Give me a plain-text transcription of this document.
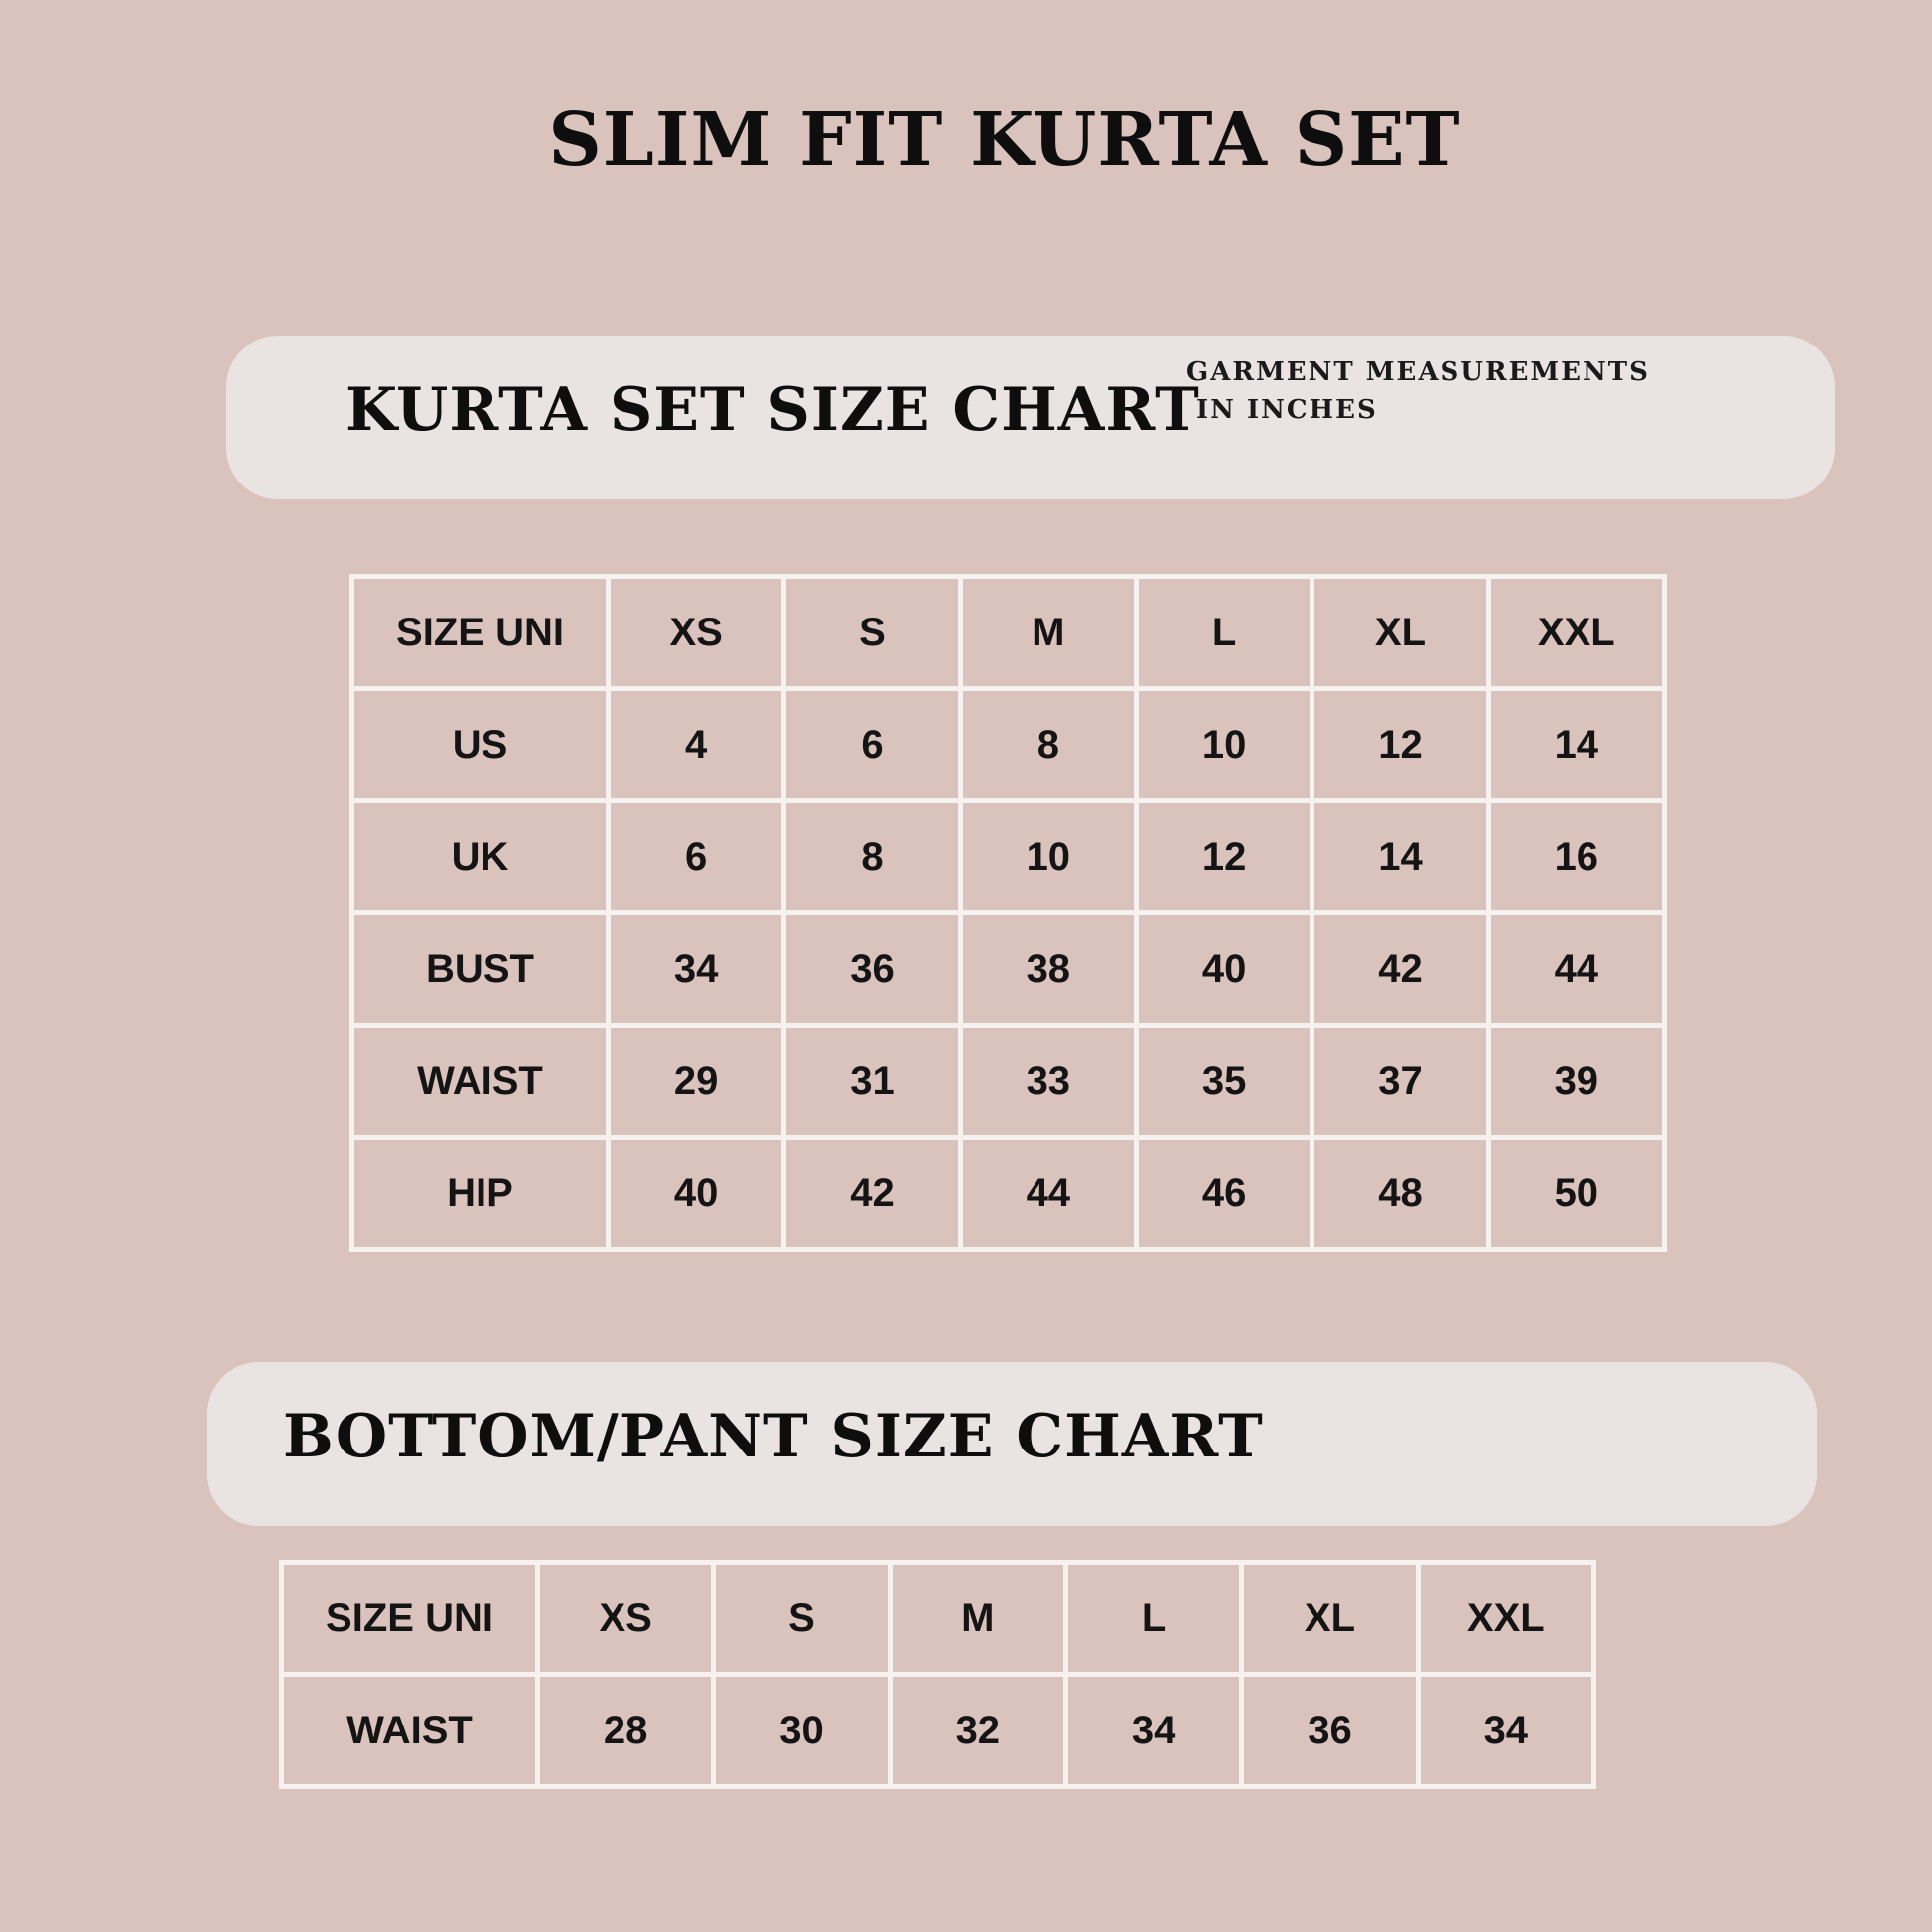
SLIM FIT KURTA SET
KURTA SET SIZE CHART
GARMENT MEASUREMENTS
IN INCHES
SIZE UNI	XS	S	M	L	XL	XXL
US	4	6	8	10	12	14
UK	6	8	10	12	14	16
BUST	34	36	38	40	42	44
WAIST	29	31	33	35	37	39
HIP	40	42	44	46	48	50
BOTTOM/PANT SIZE CHART
SIZE UNI	XS	S	M	L	XL	XXL
WAIST	28	30	32	34	36	34
